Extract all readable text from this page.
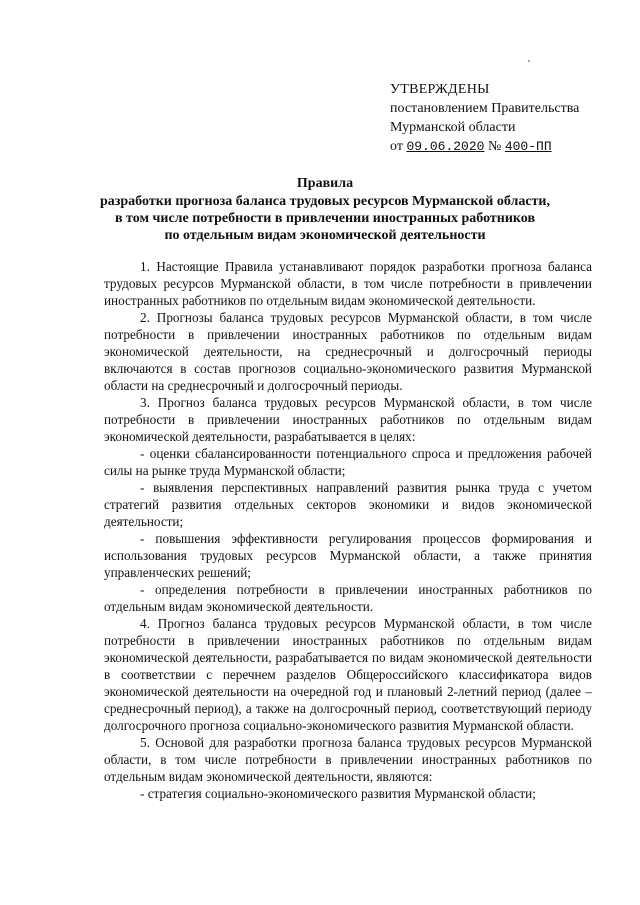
УТВЕРЖДЕНЫ
постановлением Правительства
Мурманской области
от 09.06.2020 № 400-ПП
Правила
разработки прогноза баланса трудовых ресурсов Мурманской области,
в том числе потребности в привлечении иностранных работников
по отдельным видам экономической деятельности

1. Настоящие Правила устанавливают порядок разработки прогноза баланса трудовых ресурсов Мурманской области, в том числе потребности в привлечении иностранных работников по отдельным видам экономической деятельности.

2. Прогнозы баланса трудовых ресурсов Мурманской области, в том числе потребности в привлечении иностранных работников по отдельным видам экономической деятельности, на среднесрочный и долгосрочный периоды включаются в состав прогнозов социально-экономического развития Мурманской области на среднесрочный и долгосрочный периоды.

3. Прогноз баланса трудовых ресурсов Мурманской области, в том числе потребности в привлечении иностранных работников по отдельным видам экономической деятельности, разрабатывается в целях:

- оценки сбалансированности потенциального спроса и предложения рабочей силы на рынке труда Мурманской области;

- выявления перспективных направлений развития рынка труда с учетом стратегий развития отдельных секторов экономики и видов экономической деятельности;

- повышения эффективности регулирования процессов формирования и использования трудовых ресурсов Мурманской области, а также принятия управленческих решений;

- определения потребности в привлечении иностранных работников по отдельным видам экономической деятельности.

4. Прогноз баланса трудовых ресурсов Мурманской области, в том числе потребности в привлечении иностранных работников по отдельным видам экономической деятельности, разрабатывается по видам экономической деятельности в соответствии с перечнем разделов Общероссийского классификатора видов экономической деятельности на очередной год и плановый 2-летний период (далее – среднесрочный период), а также на долгосрочный период, соответствующий периоду долгосрочного прогноза социально-экономического развития Мурманской области.

5. Основой для разработки прогноза баланса трудовых ресурсов Мурманской области, в том числе потребности в привлечении иностранных работников по отдельным видам экономической деятельности, являются:

- стратегия социально-экономического развития Мурманской области;
